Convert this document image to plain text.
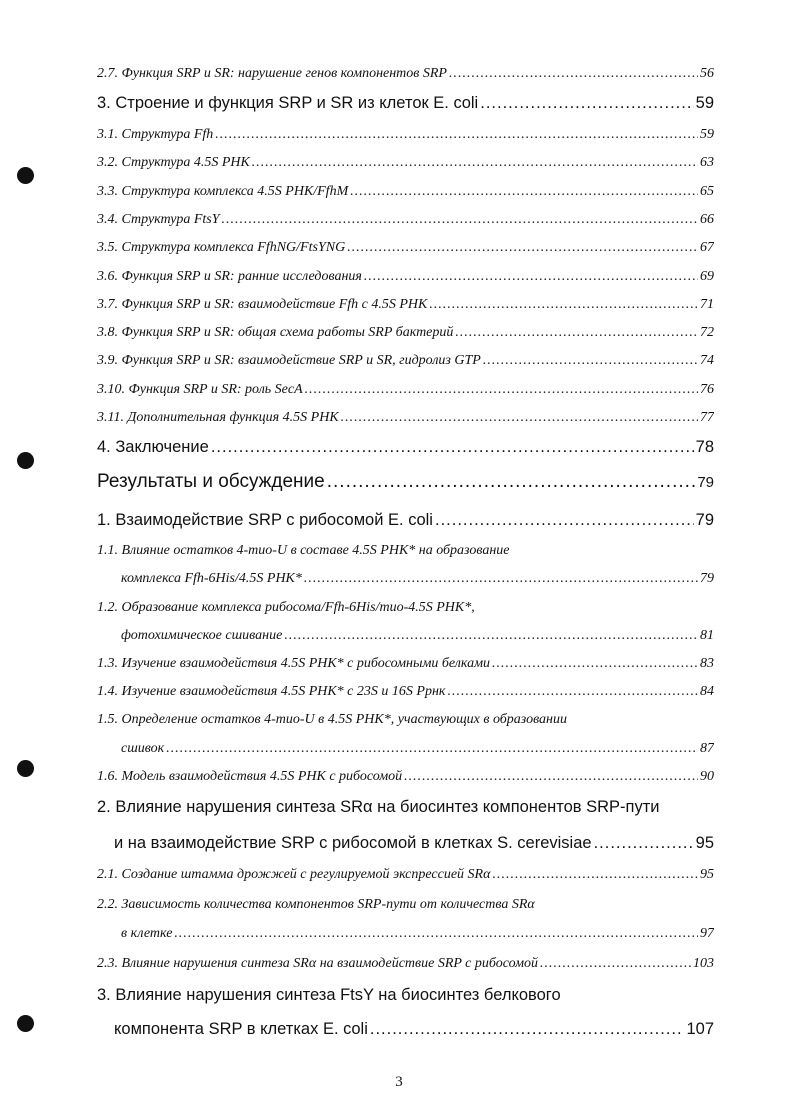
2.7. Функция SRP и SR: нарушение генов компонентов SRP .....	56
3. Строение и функция SRP и SR из клеток E. coli .....	59
3.1. Структура Ffh .....	59
3.2. Структура 4.5S РНК .....	63
3.3. Структура комплекса 4.5S РНК/FfhM .....	65
3.4. Структура FtsY .....	66
3.5. Структура комплекса FfhNG/FtsYNG .....	67
3.6. Функция SRP и SR: ранние исследования .....	69
3.7. Функция SRP и SR: взаимодействие Ffh с 4.5S РНК .....	71
3.8. Функция SRP и SR: общая схема работы SRP бактерий .....	72
3.9. Функция SRP и SR: взаимодействие SRP и SR, гидролиз GTP .....	74
3.10. Функция SRP и SR: роль SecA .....	76
3.11. Дополнительная функция 4.5S РНК .....	77
4. Заключение .....	78
Результаты и обсуждение .....	79
1. Взаимодействие SRP с рибосомой E. coli .....	79
1.1. Влияние остатков 4-тио-U в составе 4.5S РНК* на образование
комплекса Ffh-6His/4.5S РНК* .....	79
1.2. Образование комплекса рибосома/Ffh-6His/тио-4.5S РНК*,
фотохимическое сшивание .....	81
1.3. Изучение взаимодействия 4.5S РНК* с рибосомными белками .....	83
1.4. Изучение взаимодействия 4.5S РНК* с 23S и 16S Ррнк .....	84
1.5. Определение остатков 4-тио-U в 4.5S РНК*, участвующих в образовании
сшивок .....	87
1.6. Модель взаимодействия 4.5S РНК с рибосомой .....	90
2. Влияние нарушения синтеза SRα на биосинтез компонентов SRP-пути
и на взаимодействие SRP с рибосомой в клетках S. cerevisiae .....	95
2.1. Создание штамма дрожжей с регулируемой экспрессией SRα .....	95
2.2. Зависимость количества компонентов SRP-пути от количества SRα
в клетке .....	97
2.3. Влияние нарушения синтеза SRα на взаимодействие SRP с рибосомой .....	103
3. Влияние нарушения синтеза FtsY на биосинтез белкового
компонента SRP в клетках E. coli .....	107
3
